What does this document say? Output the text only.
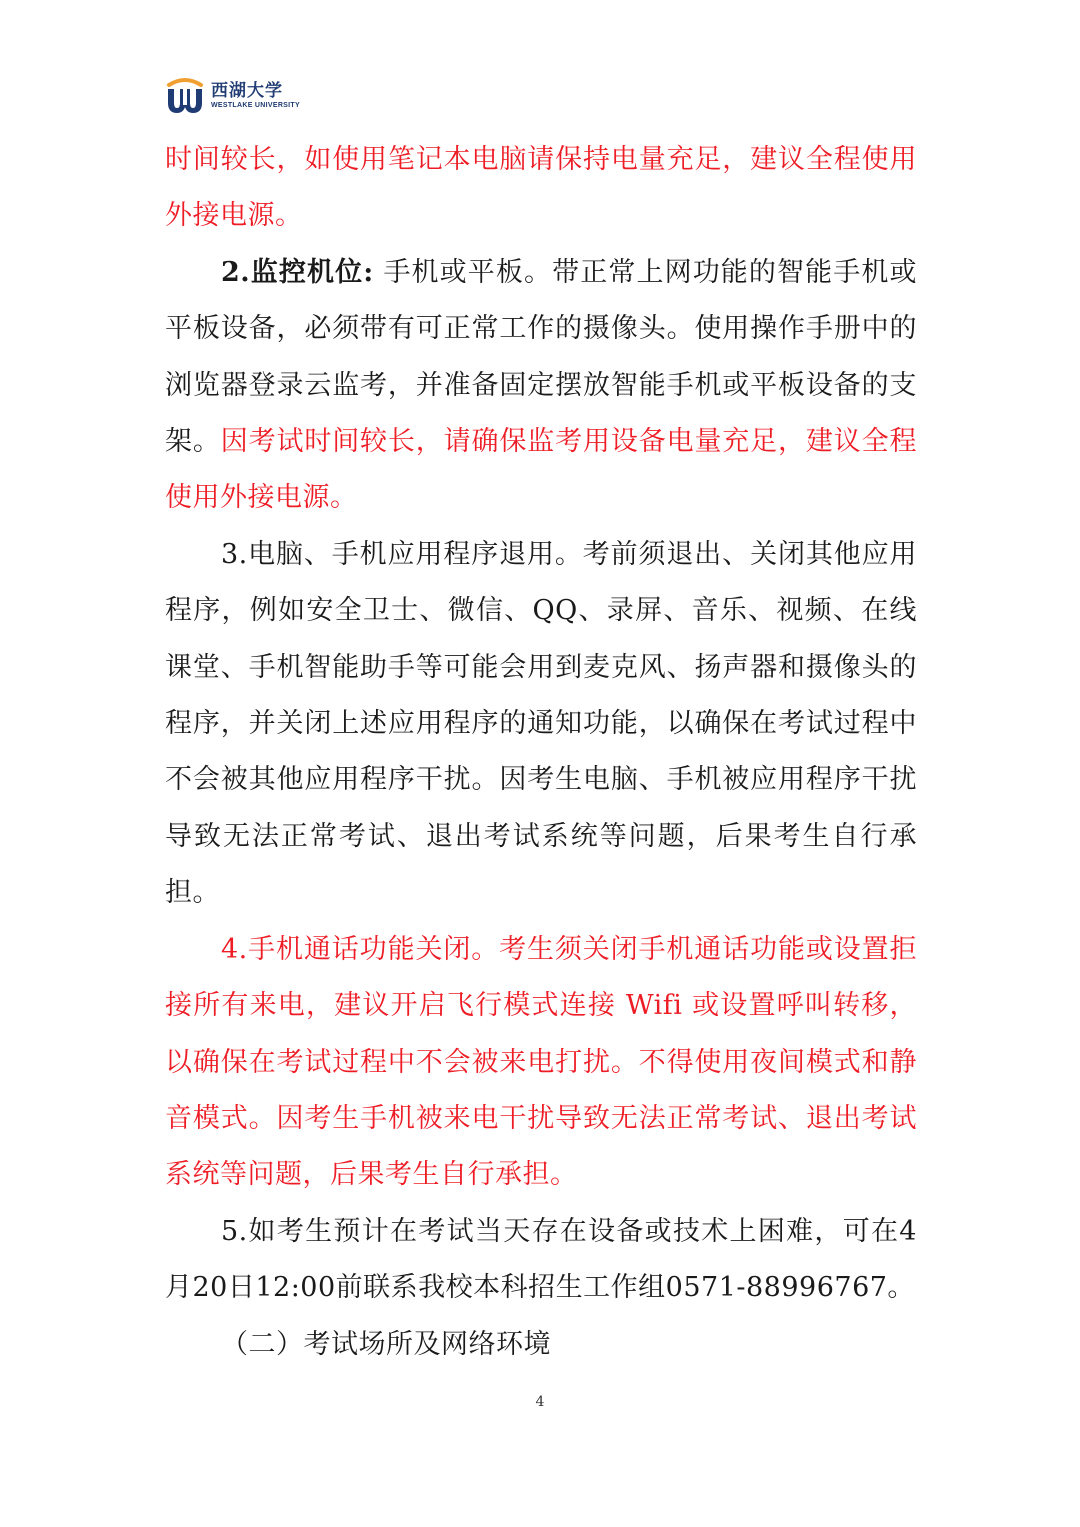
西湖大学
WESTLAKE UNIVERSITY

时间较长，如使用笔记本电脑请保持电量充足，建议全程使用外接电源。

2.监控机位: 手机或平板。带正常上网功能的智能手机或平板设备，必须带有可正常工作的摄像头。使用操作手册中的浏览器登录云监考，并准备固定摆放智能手机或平板设备的支架。因考试时间较长，请确保监考用设备电量充足，建议全程使用外接电源。

3.电脑、手机应用程序退用。考前须退出、关闭其他应用程序，例如安全卫士、微信、QQ、录屏、音乐、视频、在线课堂、手机智能助手等可能会用到麦克风、扬声器和摄像头的程序，并关闭上述应用程序的通知功能，以确保在考试过程中不会被其他应用程序干扰。因考生电脑、手机被应用程序干扰导致无法正常考试、退出考试系统等问题，后果考生自行承担。

4.手机通话功能关闭。考生须关闭手机通话功能或设置拒接所有来电，建议开启飞行模式连接 Wifi 或设置呼叫转移，以确保在考试过程中不会被来电打扰。不得使用夜间模式和静音模式。因考生手机被来电干扰导致无法正常考试、退出考试系统等问题，后果考生自行承担。

5.如考生预计在考试当天存在设备或技术上困难，可在4月20日12:00前联系我校本科招生工作组0571-88996767。

（二）考试场所及网络环境

4
